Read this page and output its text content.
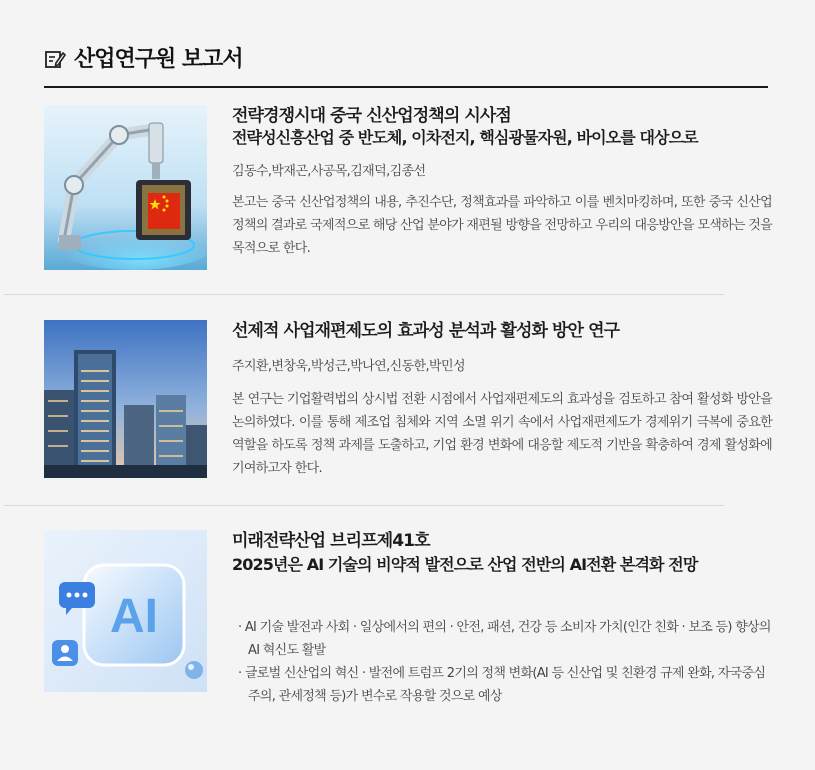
산업연구원 보고서
전략경쟁시대 중국 신산업정책의 시사점
전략성신흥산업 중 반도체, 이차전지, 핵심광물자원, 바이오를 대상으로
김동수,박재곤,사공목,김재덕,김종선
본고는 중국 신산업정책의 내용, 추진수단, 정책효과를 파악하고 이를 벤치마킹하며, 또한 중국 신산업정책의 결과로 국제적으로 해당 산업 분야가 재편될 방향을 전망하고 우리의 대응방안을 모색하는 것을 목적으로 한다.
선제적 사업재편제도의 효과성 분석과 활성화 방안 연구
주지환,변창욱,박성근,박나연,신동한,박민성
본 연구는 기업활력법의 상시법 전환 시점에서 사업재편제도의 효과성을 검토하고 참여 활성화 방안을 논의하였다. 이를 통해 제조업 침체와 지역 소멸 위기 속에서 사업재편제도가 경제위기 극복에 중요한 역할을 하도록 정책 과제를 도출하고, 기업 환경 변화에 대응할 제도적 기반을 확충하여 경제 활성화에 기여하고자 한다.
AI
미래전략산업 브리프제41호
2025년은 AI 기술의 비약적 발전으로 산업 전반의 AI전환 본격화 전망
· AI 기술 발전과 사회 · 일상에서의 편의 · 안전, 패션, 건강 등 소비자 가치(인간 친화 · 보조 등) 향상의 AI 혁신도 활발
· 글로벌 신산업의 혁신 · 발전에 트럼프 2기의 정책 변화(AI 등 신산업 및 친환경 규제 완화, 자국중심주의, 관세정책 등)가 변수로 작용할 것으로 예상
